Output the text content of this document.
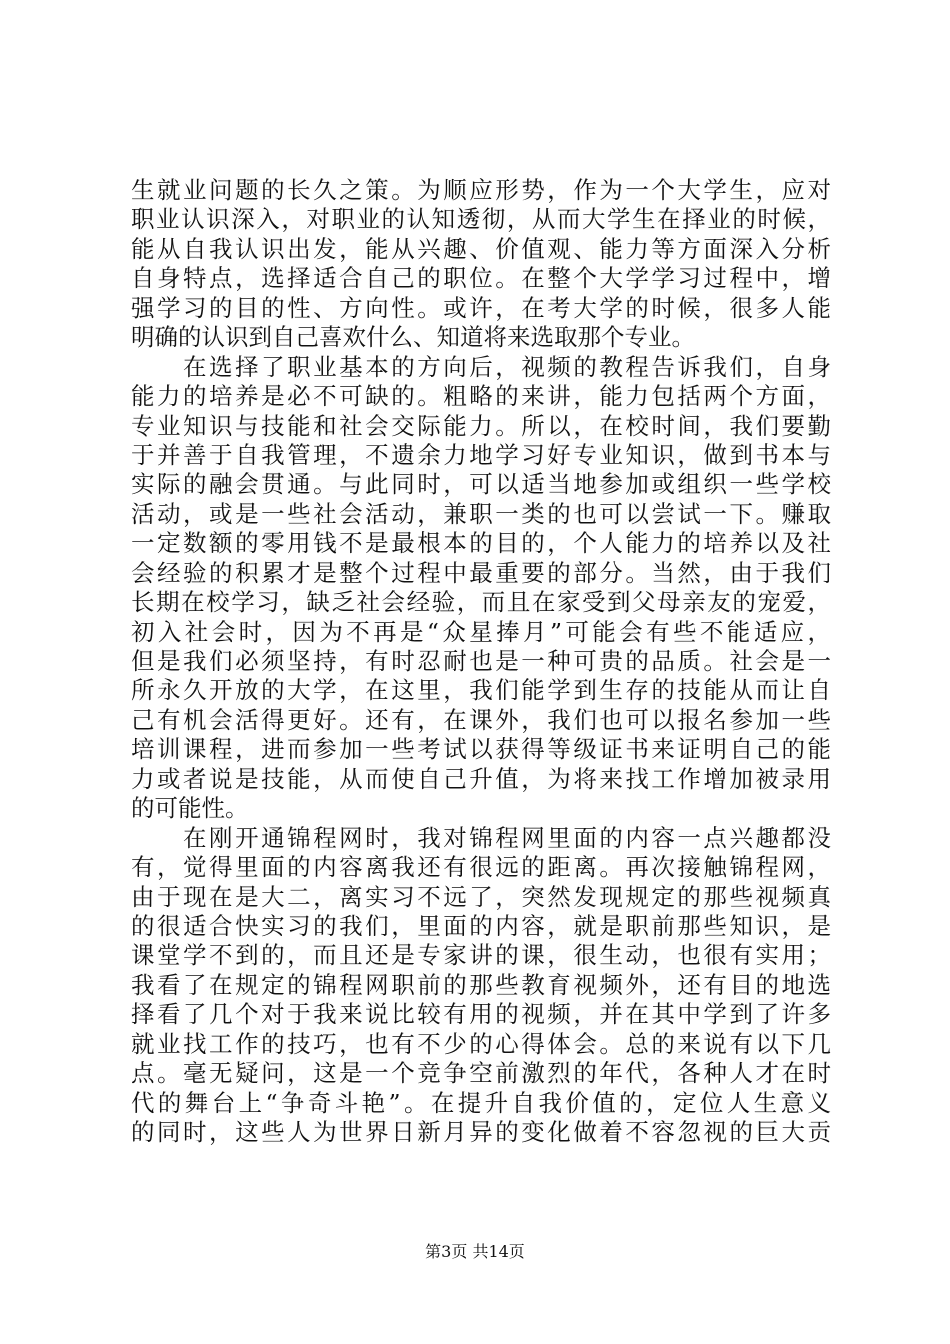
生就业问题的长久之策。为顺应形势，作为一个大学生，应对
职业认识深入，对职业的认知透彻，从而大学生在择业的时候，
能从自我认识出发，能从兴趣、价值观、能力等方面深入分析
自身特点，选择适合自己的职位。在整个大学学习过程中，增
强学习的目的性、方向性。或许，在考大学的时候，很多人能
明确的认识到自己喜欢什么、知道将来选取那个专业。
　　在选择了职业基本的方向后，视频的教程告诉我们，自身
能力的培养是必不可缺的。粗略的来讲，能力包括两个方面，
专业知识与技能和社会交际能力。所以，在校时间，我们要勤
于并善于自我管理，不遗余力地学习好专业知识，做到书本与
实际的融会贯通。与此同时，可以适当地参加或组织一些学校
活动，或是一些社会活动，兼职一类的也可以尝试一下。赚取
一定数额的零用钱不是最根本的目的，个人能力的培养以及社
会经验的积累才是整个过程中最重要的部分。当然，由于我们
长期在校学习，缺乏社会经验，而且在家受到父母亲友的宠爱，
初入社会时，因为不再是“众星捧月”可能会有些不能适应，
但是我们必须坚持，有时忍耐也是一种可贵的品质。社会是一
所永久开放的大学，在这里，我们能学到生存的技能从而让自
己有机会活得更好。还有，在课外，我们也可以报名参加一些
培训课程，进而参加一些考试以获得等级证书来证明自己的能
力或者说是技能，从而使自己升值，为将来找工作增加被录用
的可能性。
　　在刚开通锦程网时，我对锦程网里面的内容一点兴趣都没
有，觉得里面的内容离我还有很远的距离。再次接触锦程网，
由于现在是大二，离实习不远了，突然发现规定的那些视频真
的很适合快实习的我们，里面的内容，就是职前那些知识，是
课堂学不到的，而且还是专家讲的课，很生动，也很有实用；
我看了在规定的锦程网职前的那些教育视频外，还有目的地选
择看了几个对于我来说比较有用的视频，并在其中学到了许多
就业找工作的技巧，也有不少的心得体会。总的来说有以下几
点。毫无疑问，这是一个竞争空前激烈的年代，各种人才在时
代的舞台上“争奇斗艳”。在提升自我价值的，定位人生意义
的同时，这些人为世界日新月异的变化做着不容忽视的巨大贡
第3页 共14页
